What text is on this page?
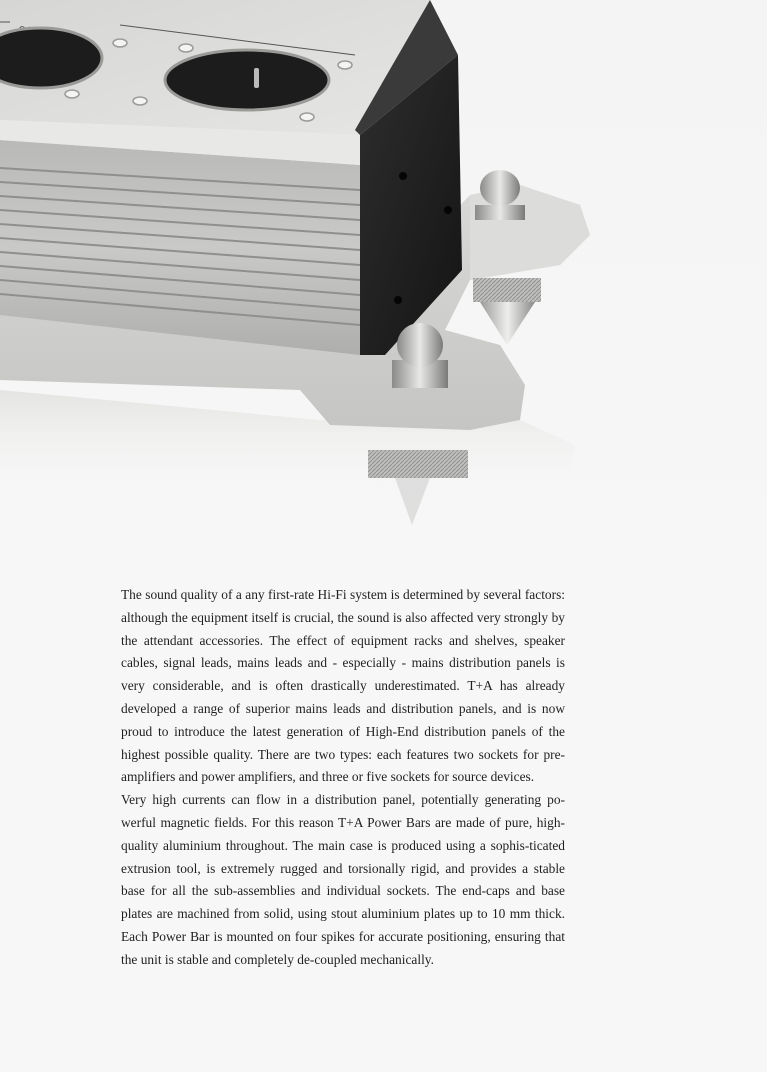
The sound quality of a any first-rate Hi-Fi system is determined by several factors: although the equipment itself is crucial, the sound is also affected very strongly by the attendant accessories. The effect of equipment racks and shelves, speaker cables, signal leads, mains leads and - especially - mains distribution panels is very considerable, and is often drastically underestimated. T+A has already developed a range of superior mains leads and distribution panels, and is now proud to introduce the latest generation of High-End distribution panels of the highest possible quality. There are two types: each features two sockets for pre-amplifiers and power amplifiers, and three or five sockets for source devices.

Very high currents can flow in a distribution panel, potentially generating po-werful magnetic fields. For this reason T+A Power Bars are made of pure, high-quality aluminium throughout. The main case is produced using a sophis-ticated extrusion tool, is extremely rugged and torsionally rigid, and provides a stable base for all the sub-assemblies and individual sockets. The end-caps and base plates are machined from solid, using stout aluminium plates up to 10 mm thick. Each Power Bar is mounted on four spikes for accurate positioning, ensuring that the unit is stable and completely de-coupled mechanically.
